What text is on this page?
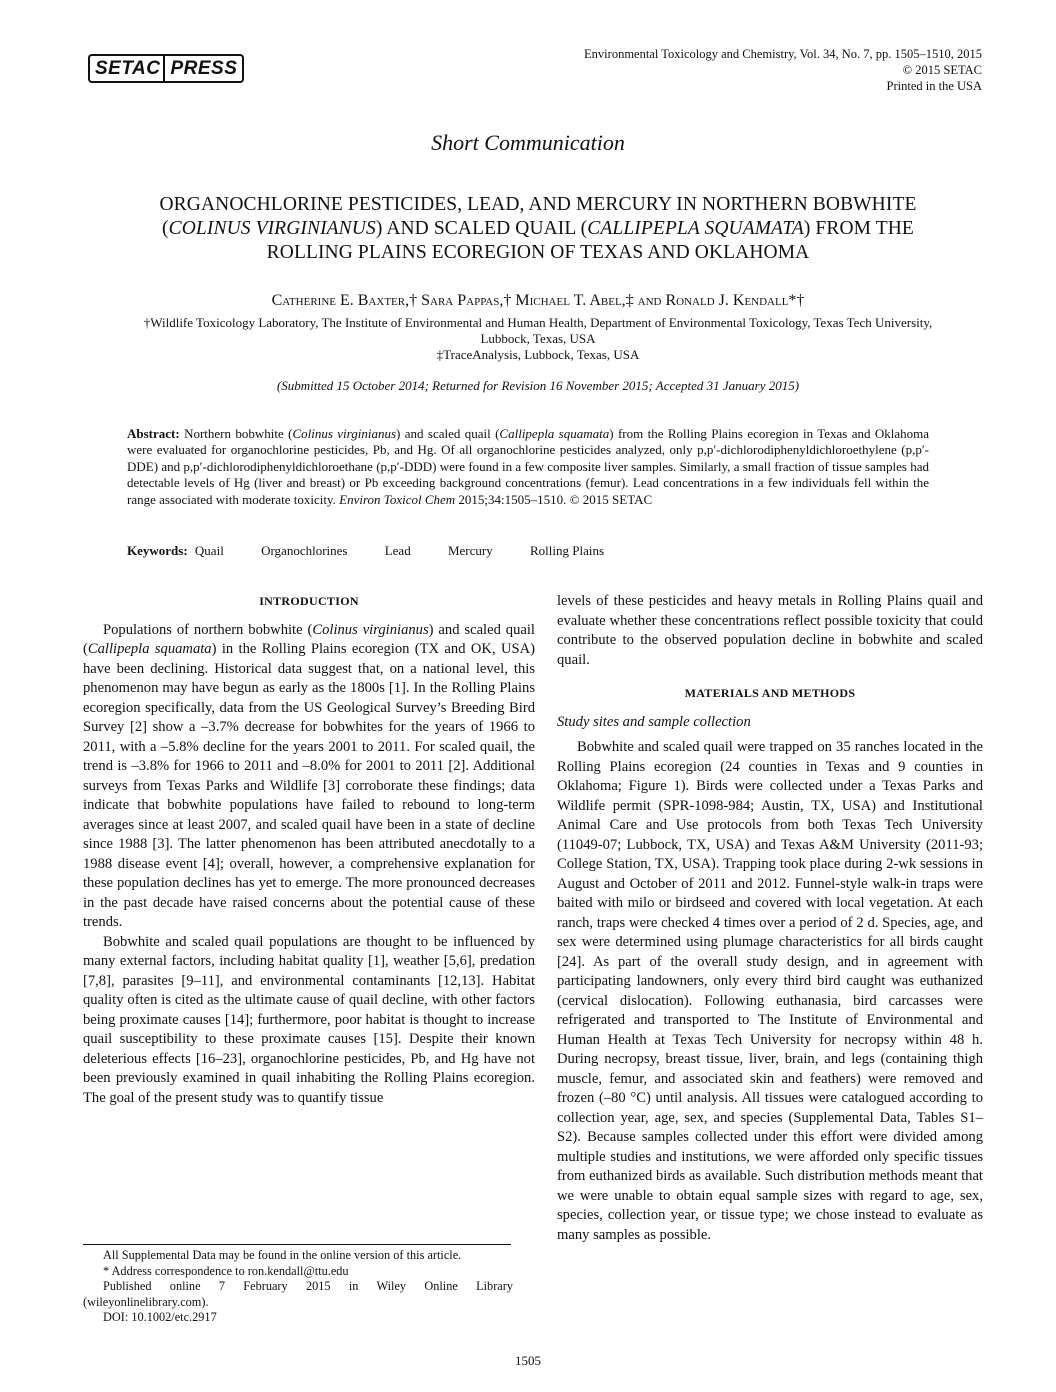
SETAC PRESS
Environmental Toxicology and Chemistry, Vol. 34, No. 7, pp. 1505–1510, 2015
© 2015 SETAC
Printed in the USA
Short Communication
ORGANOCHLORINE PESTICIDES, LEAD, AND MERCURY IN NORTHERN BOBWHITE
(COLINUS VIRGINIANUS) AND SCALED QUAIL (CALLIPEPLA SQUAMATA) FROM THE
ROLLING PLAINS ECOREGION OF TEXAS AND OKLAHOMA
Catherine E. Baxter,† Sara Pappas,† Michael T. Abel,‡ and Ronald J. Kendall*†
†Wildlife Toxicology Laboratory, The Institute of Environmental and Human Health, Department of Environmental Toxicology, Texas Tech University,
Lubbock, Texas, USA
‡TraceAnalysis, Lubbock, Texas, USA
(Submitted 15 October 2014; Returned for Revision 16 November 2015; Accepted 31 January 2015)
Abstract: Northern bobwhite (Colinus virginianus) and scaled quail (Callipepla squamata) from the Rolling Plains ecoregion in Texas and Oklahoma were evaluated for organochlorine pesticides, Pb, and Hg. Of all organochlorine pesticides analyzed, only p,p′-dichlorodiphenyldichloroethylene (p,p′-DDE) and p,p′-dichlorodiphenyldichloroethane (p,p′-DDD) were found in a few composite liver samples. Similarly, a small fraction of tissue samples had detectable levels of Hg (liver and breast) or Pb exceeding background concentrations (femur). Lead concentrations in a few individuals fell within the range associated with moderate toxicity. Environ Toxicol Chem 2015;34:1505–1510. © 2015 SETAC
Keywords: Quail	Organochlorines	Lead	Mercury	Rolling Plains
INTRODUCTION

Populations of northern bobwhite (Colinus virginianus) and scaled quail (Callipepla squamata) in the Rolling Plains ecoregion (TX and OK, USA) have been declining. Historical data suggest that, on a national level, this phenomenon may have begun as early as the 1800s [1]. In the Rolling Plains ecoregion specifically, data from the US Geological Survey’s Breeding Bird Survey [2] show a –3.7% decrease for bobwhites for the years of 1966 to 2011, with a –5.8% decline for the years 2001 to 2011. For scaled quail, the trend is –3.8% for 1966 to 2011 and –8.0% for 2001 to 2011 [2]. Additional surveys from Texas Parks and Wildlife [3] corroborate these findings; data indicate that bobwhite populations have failed to rebound to long-term averages since at least 2007, and scaled quail have been in a state of decline since 1988 [3]. The latter phenomenon has been attributed anecdotally to a 1988 disease event [4]; overall, however, a comprehensive explanation for these population declines has yet to emerge. The more pronounced decreases in the past decade have raised concerns about the potential cause of these trends.

Bobwhite and scaled quail populations are thought to be influenced by many external factors, including habitat quality [1], weather [5,6], predation [7,8], parasites [9–11], and environmental contaminants [12,13]. Habitat quality often is cited as the ultimate cause of quail decline, with other factors being proximate causes [14]; furthermore, poor habitat is thought to increase quail susceptibility to these proximate causes [15]. Despite their known deleterious effects [16–23], organochlorine pesticides, Pb, and Hg have not been previously examined in quail inhabiting the Rolling Plains ecoregion. The goal of the present study was to quantify tissue

levels of these pesticides and heavy metals in Rolling Plains quail and evaluate whether these concentrations reflect possible toxicity that could contribute to the observed population decline in bobwhite and scaled quail.

MATERIALS AND METHODS
Study sites and sample collection

Bobwhite and scaled quail were trapped on 35 ranches located in the Rolling Plains ecoregion (24 counties in Texas and 9 counties in Oklahoma; Figure 1). Birds were collected under a Texas Parks and Wildlife permit (SPR-1098-984; Austin, TX, USA) and Institutional Animal Care and Use protocols from both Texas Tech University (11049-07; Lubbock, TX, USA) and Texas A&M University (2011-93; College Station, TX, USA). Trapping took place during 2-wk sessions in August and October of 2011 and 2012. Funnel-style walk-in traps were baited with milo or birdseed and covered with local vegetation. At each ranch, traps were checked 4 times over a period of 2 d. Species, age, and sex were determined using plumage characteristics for all birds caught [24]. As part of the overall study design, and in agreement with participating landowners, only every third bird caught was euthanized (cervical dislocation). Following euthanasia, bird carcasses were refrigerated and transported to The Institute of Environmental and Human Health at Texas Tech University for necropsy within 48 h. During necropsy, breast tissue, liver, brain, and legs (containing thigh muscle, femur, and associated skin and feathers) were removed and frozen (–80 °C) until analysis. All tissues were catalogued according to collection year, age, sex, and species (Supplemental Data, Tables S1–S2). Because samples collected under this effort were divided among multiple studies and institutions, we were afforded only specific tissues from euthanized birds as available. Such distribution methods meant that we were unable to obtain equal sample sizes with regard to age, sex, species, collection year, or tissue type; we chose instead to evaluate as many samples as possible.

All Supplemental Data may be found in the online version of this article.

* Address correspondence to ron.kendall@ttu.edu

Published online 7 February 2015 in Wiley Online Library (wileyonlinelibrary.com).

DOI: 10.1002/etc.2917

1505
